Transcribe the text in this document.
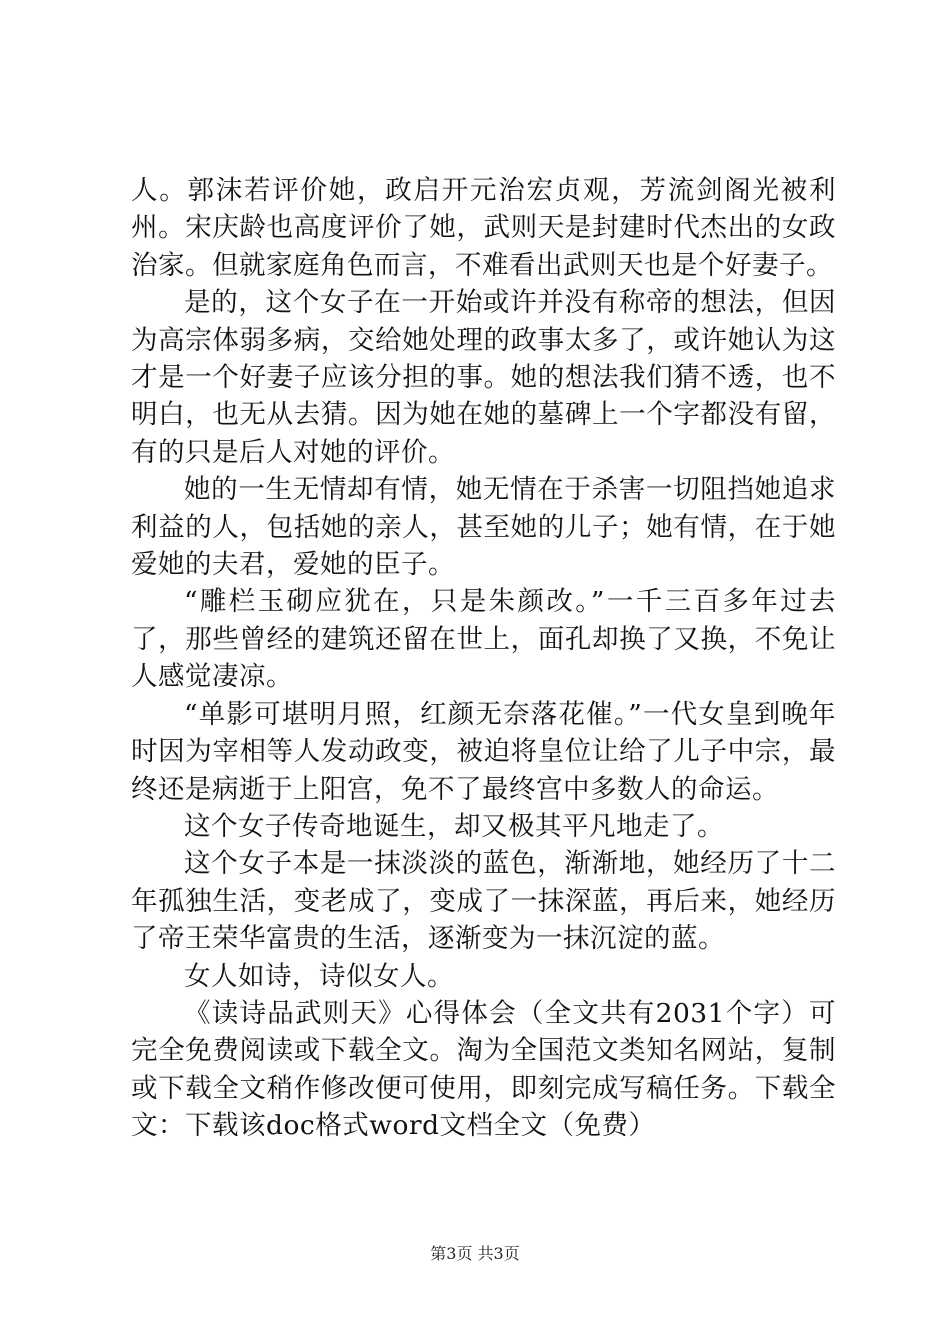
人。郭沫若评价她，政启开元治宏贞观，芳流剑阁光被利州。宋庆龄也高度评价了她，武则天是封建时代杰出的女政治家。但就家庭角色而言，不难看出武则天也是个好妻子。

是的，这个女子在一开始或许并没有称帝的想法，但因为高宗体弱多病，交给她处理的政事太多了，或许她认为这才是一个好妻子应该分担的事。她的想法我们猜不透，也不明白，也无从去猜。因为她在她的墓碑上一个字都没有留，有的只是后人对她的评价。

她的一生无情却有情，她无情在于杀害一切阻挡她追求利益的人，包括她的亲人，甚至她的儿子；她有情，在于她爱她的夫君，爱她的臣子。

“雕栏玉砌应犹在，只是朱颜改。”一千三百多年过去了，那些曾经的建筑还留在世上，面孔却换了又换，不免让人感觉凄凉。

“单影可堪明月照，红颜无奈落花催。”一代女皇到晚年时因为宰相等人发动政变，被迫将皇位让给了儿子中宗，最终还是病逝于上阳宫，免不了最终宫中多数人的命运。

这个女子传奇地诞生，却又极其平凡地走了。

这个女子本是一抹淡淡的蓝色，渐渐地，她经历了十二年孤独生活，变老成了，变成了一抹深蓝，再后来，她经历了帝王荣华富贵的生活，逐渐变为一抹沉淀的蓝。

女人如诗，诗似女人。

《读诗品武则天》心得体会（全文共有2031个字）可完全免费阅读或下载全文。淘为全国范文类知名网站，复制或下载全文稍作修改便可使用，即刻完成写稿任务。下载全文：下载该doc格式word文档全文（免费）

第3页 共3页
